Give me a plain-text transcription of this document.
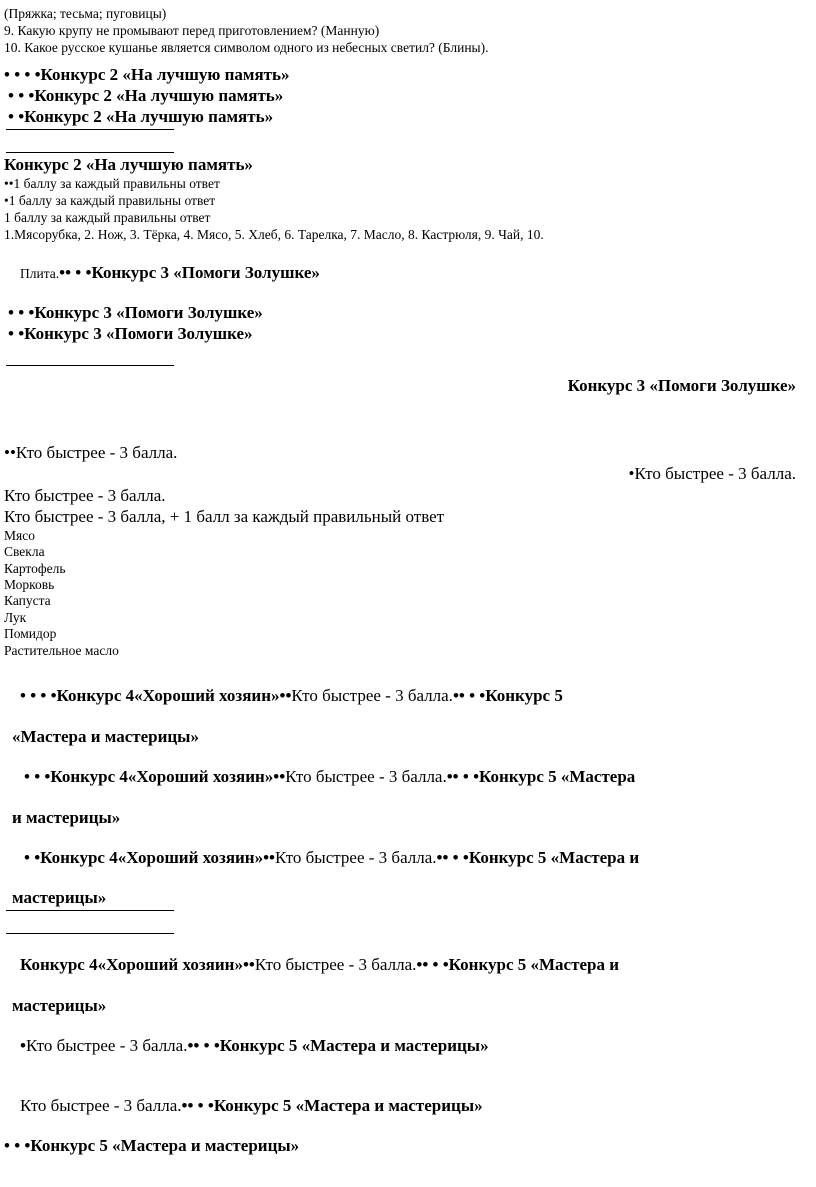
(Пряжка; тесьма; пуговицы)
9. Какую крупу не промывают перед приготовлением? (Манную)
10. Какое русское кушанье является символом одного из небесных светил? (Блины).
• • • •Конкурс 2 «На лучшую память»
• • •Конкурс 2 «На лучшую память»
• •Конкурс 2 «На лучшую память»
Конкурс 2 «На лучшую память»
••1 баллу за каждый правильны ответ
•1 баллу за каждый правильны ответ
1 баллу за каждый правильны ответ
1.Мясорубка, 2. Нож, 3. Тёрка, 4. Мясо, 5. Хлеб, 6. Тарелка, 7. Масло, 8. Кастрюля, 9. Чай, 10.

Плита.•• • •Конкурс 3 «Помоги Золушке»

• • •Конкурс 3 «Помоги Золушке»
• •Конкурс 3 «Помоги Золушке»
Конкурс 3 «Помоги Золушке»
••Кто быстрее - 3 балла.
•Кто быстрее - 3 балла.
Кто быстрее - 3 балла.
Кто быстрее - 3 балла, + 1 балл за каждый правильный ответ
Мясо
Свекла
Картофель
Морковь
Капуста
Лук
Помидор
Растительное масло

• • • •Конкурс 4«Хороший хозяин»••Кто быстрее - 3 балла.•• • •Конкурс 5

«Мастера и мастерицы»

• • •Конкурс 4«Хороший хозяин»••Кто быстрее - 3 балла.•• • •Конкурс 5 «Мастера

и мастерицы»

• •Конкурс 4«Хороший хозяин»••Кто быстрее - 3 балла.•• • •Конкурс 5 «Мастера и

мастерицы»

Конкурс 4«Хороший хозяин»••Кто быстрее - 3 балла.•• • •Конкурс 5 «Мастера и

мастерицы»

•Кто быстрее - 3 балла.•• • •Конкурс 5 «Мастера и мастерицы»

Кто быстрее - 3 балла.•• • •Конкурс 5 «Мастера и мастерицы»

• • •Конкурс 5 «Мастера и мастерицы»
